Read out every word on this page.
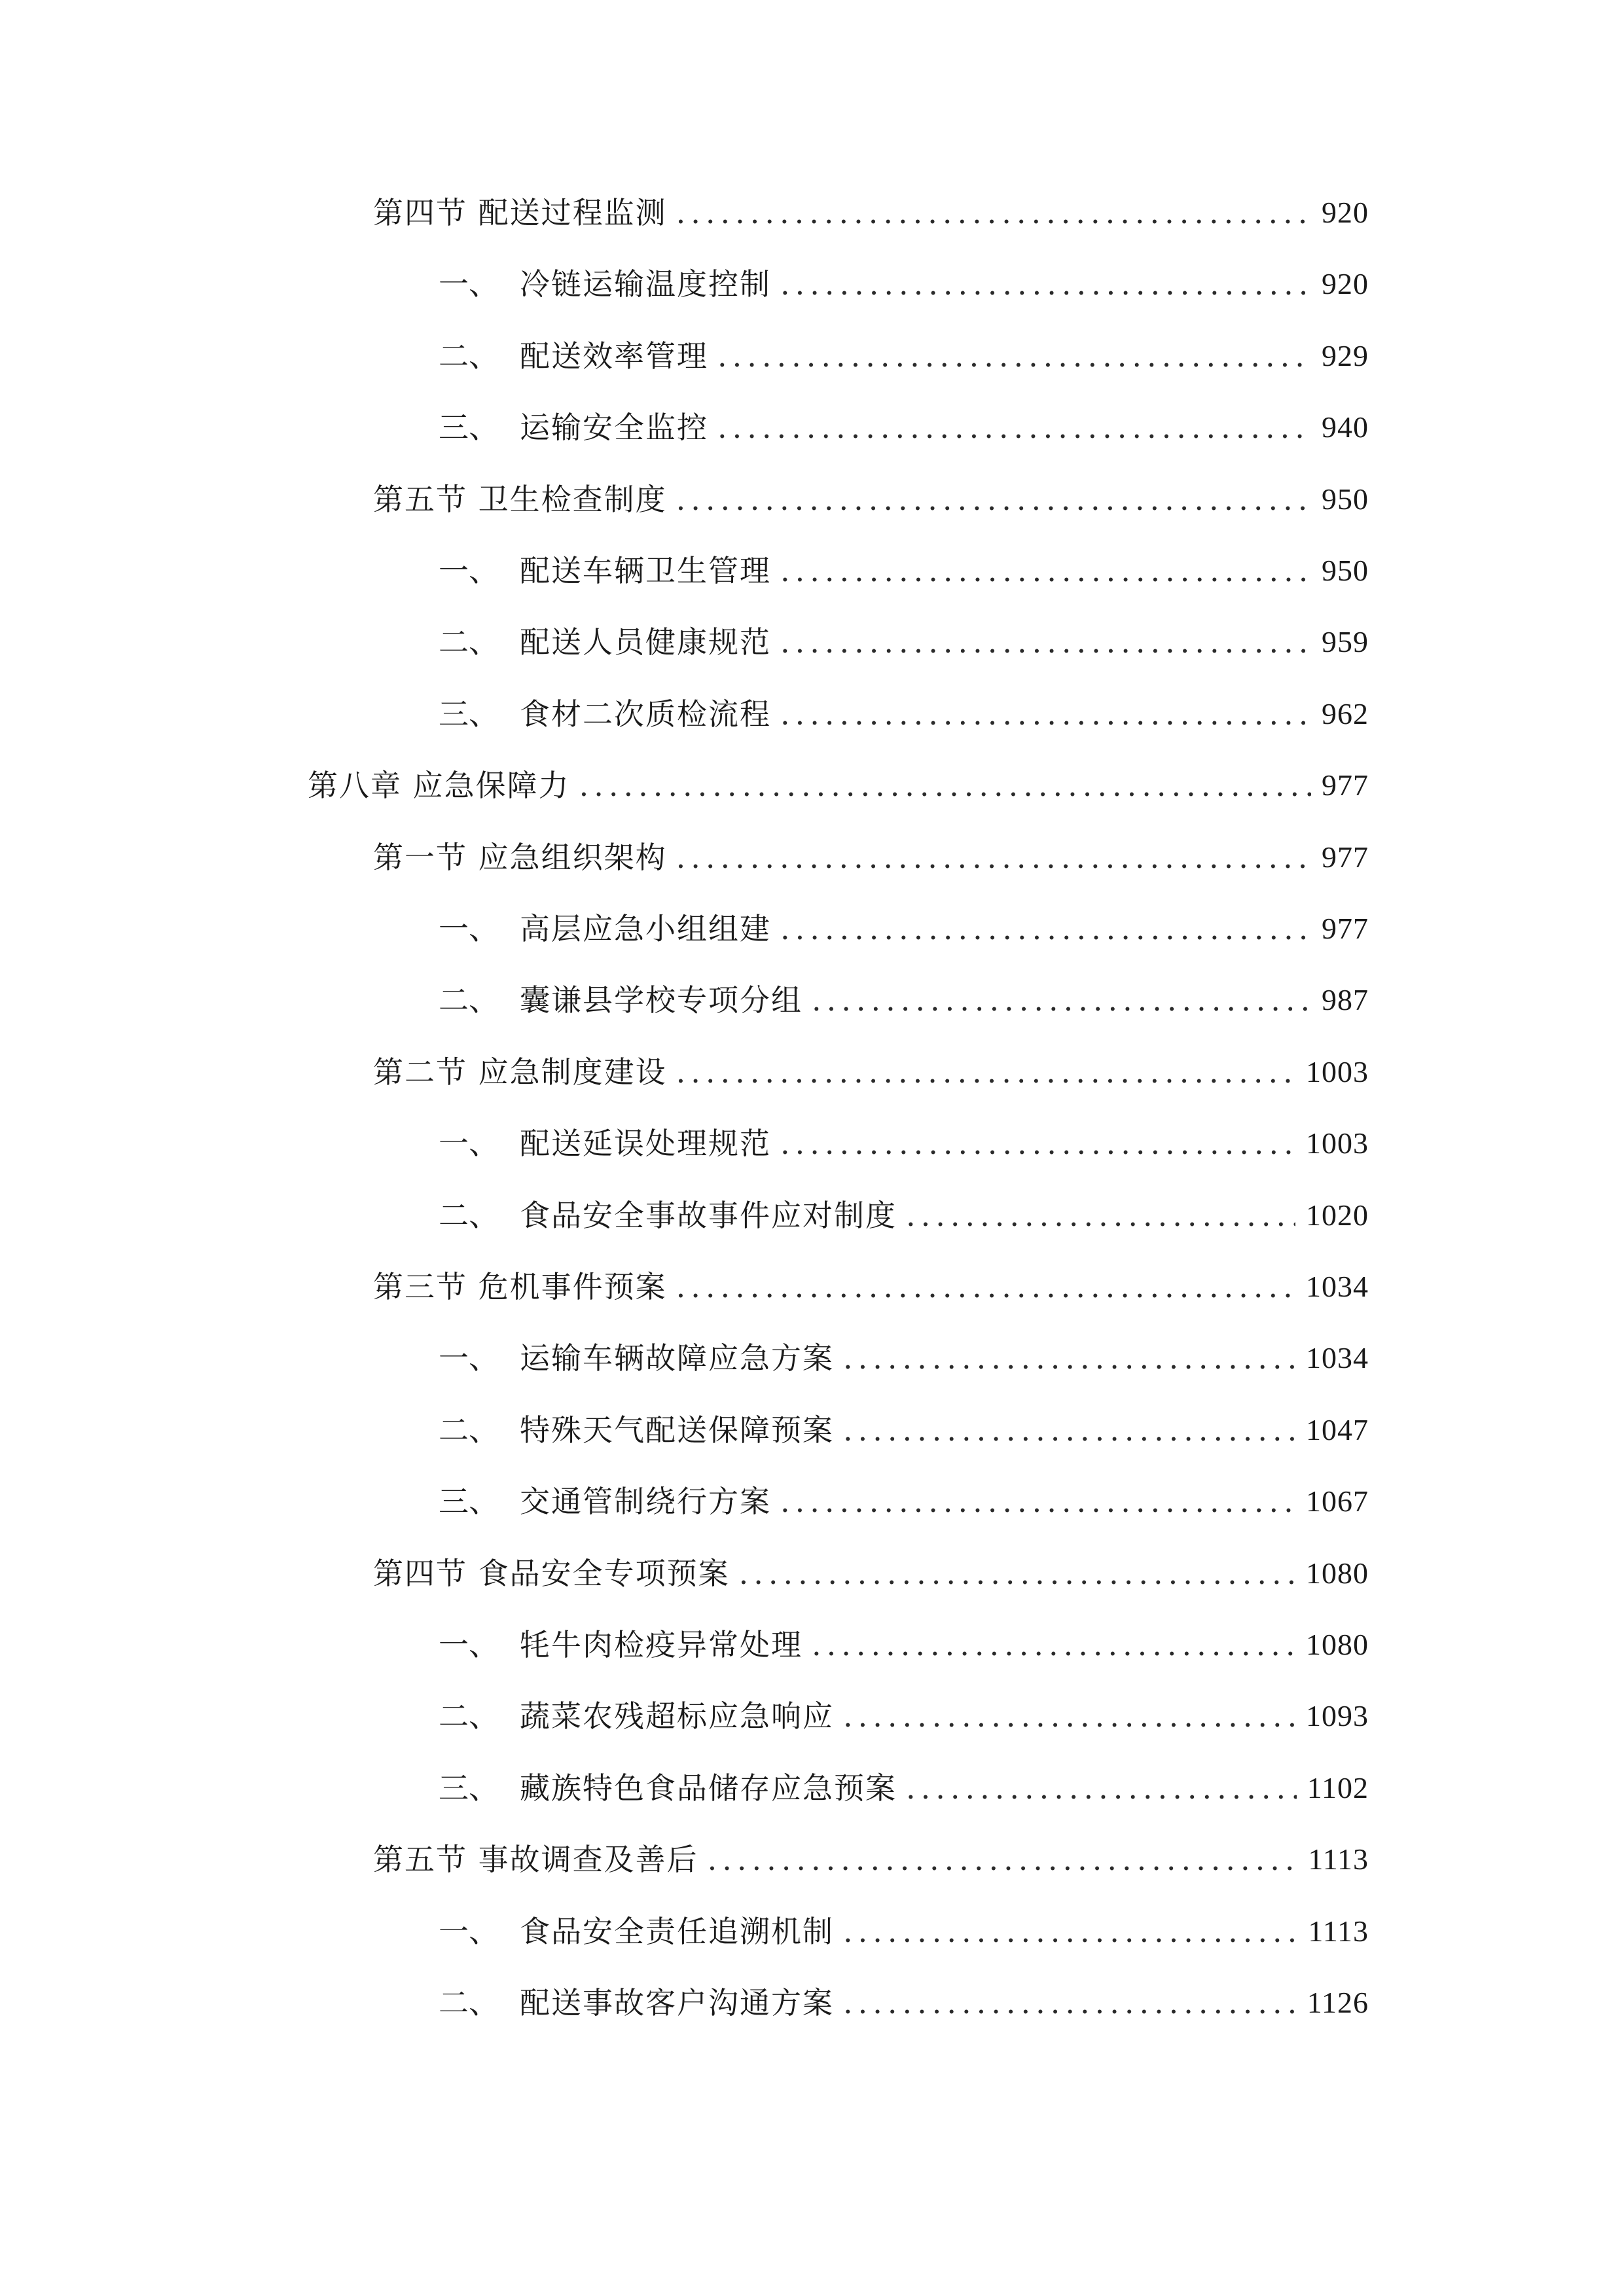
第四节 配送过程监测 .....	920
一、 冷链运输温度控制 .....	920
二、 配送效率管理 .....	929
三、 运输安全监控 .....	940
第五节 卫生检查制度 .....	950
一、 配送车辆卫生管理 .....	950
二、 配送人员健康规范 .....	959
三、 食材二次质检流程 .....	962
第八章 应急保障力 .....	977
第一节 应急组织架构 .....	977
一、 高层应急小组组建 .....	977
二、 囊谦县学校专项分组 .....	987
第二节 应急制度建设 .....	1003
一、 配送延误处理规范 .....	1003
二、 食品安全事故事件应对制度 .....	1020
第三节 危机事件预案 .....	1034
一、 运输车辆故障应急方案 .....	1034
二、 特殊天气配送保障预案 .....	1047
三、 交通管制绕行方案 .....	1067
第四节 食品安全专项预案 .....	1080
一、 牦牛肉检疫异常处理 .....	1080
二、 蔬菜农残超标应急响应 .....	1093
三、 藏族特色食品储存应急预案 .....	1102
第五节 事故调查及善后 .....	1113
一、 食品安全责任追溯机制 .....	1113
二、 配送事故客户沟通方案 .....	1126
